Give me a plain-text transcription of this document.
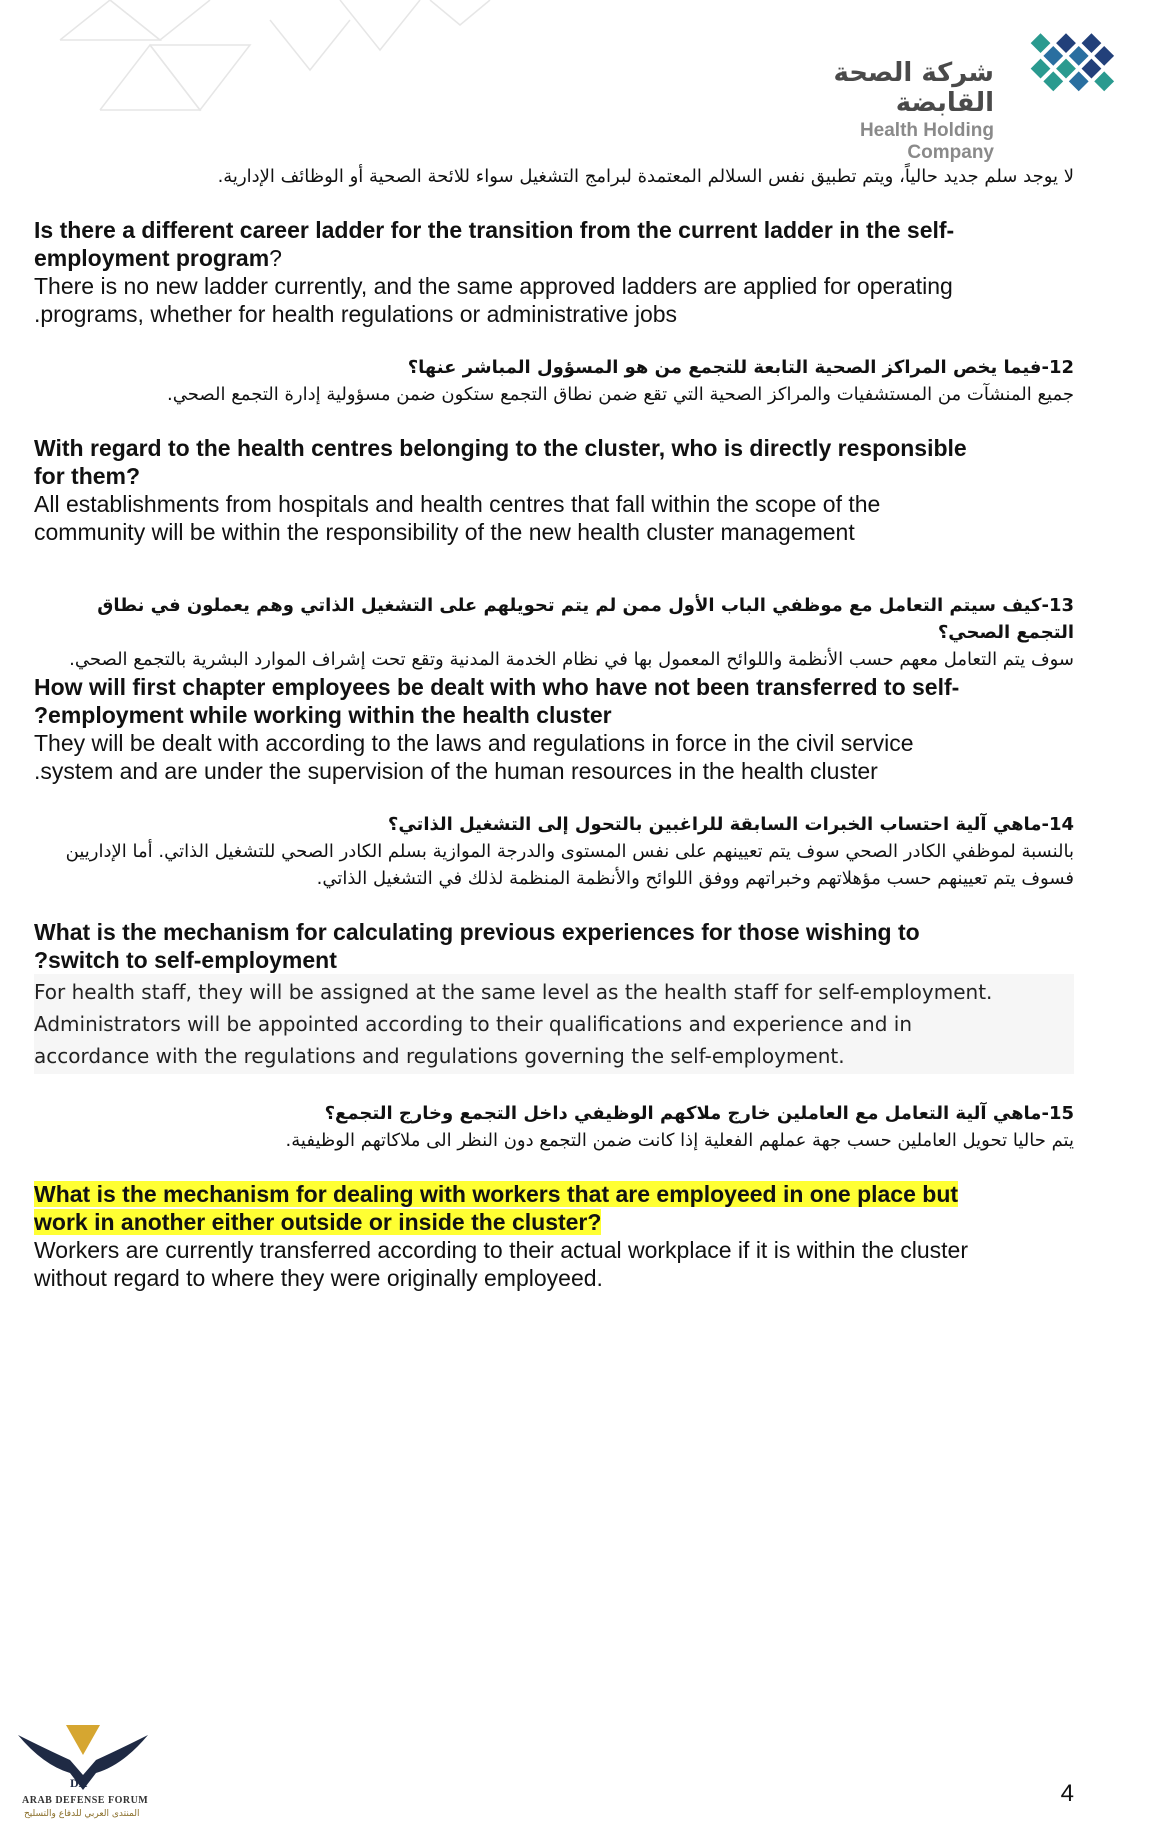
شركة الصحة القابضة
Health Holding Company

لا يوجد سلم جديد حالياً، ويتم تطبيق نفس السلالم المعتمدة لبرامج التشغيل سواء للائحة الصحية أو الوظائف الإدارية.

Is there a different career ladder for the transition from the current ladder in the self-

employment program?

There is no new ladder currently, and the same approved ladders are applied for operating

.programs, whether for health regulations or administrative jobs

12-فيما يخص المراكز الصحية التابعة للتجمع من هو المسؤول المباشر عنها؟

جميع المنشآت من المستشفيات والمراكز الصحية التي تقع ضمن نطاق التجمع ستكون ضمن مسؤولية إدارة التجمع الصحي.

With regard to the health centres belonging to the cluster, who is directly responsible

for them?

All establishments from hospitals and health centres that fall within the scope of the

community will be within the responsibility of the new health cluster management

13-كيف سيتم التعامل مع موظفي الباب الأول ممن لم يتم تحويلهم على التشغيل الذاتي وهم يعملون في نطاق التجمع الصحي؟

سوف يتم التعامل معهم حسب الأنظمة واللوائح المعمول بها في نظام الخدمة المدنية وتقع تحت إشراف الموارد البشرية بالتجمع الصحي.

How will first chapter employees be dealt with who have not been transferred to self-

?employment while working within the health cluster

They will be dealt with according to the laws and regulations in force in the civil service

.system and are under the supervision of the human resources in the health cluster

14-ماهي آلية احتساب الخبرات السابقة للراغبين بالتحول إلى التشغيل الذاتي؟

بالنسبة لموظفي الكادر الصحي سوف يتم تعيينهم على نفس المستوى والدرجة الموازية بسلم الكادر الصحي للتشغيل الذاتي. أما الإداريين فسوف يتم تعيينهم حسب مؤهلاتهم وخبراتهم ووفق اللوائح والأنظمة المنظمة لذلك في التشغيل الذاتي.

What is the mechanism for calculating previous experiences for those wishing to

?switch to self-employment

For health staff, they will be assigned at the same level as the health staff for self-employment.
Administrators will be appointed according to their qualifications and experience and in
accordance with the regulations and regulations governing the self-employment.

15-ماهي آلية التعامل مع العاملين خارج ملاكهم الوظيفي داخل التجمع وخارج التجمع؟

يتم حاليا تحويل العاملين حسب جهة عملهم الفعلية إذا كانت ضمن التجمع دون النظر الى ملاكاتهم الوظيفية.

What is the mechanism for dealing with workers that are employeed in one place but

work in another either outside or inside the cluster?

Workers are currently transferred according to their actual workplace if it is within the cluster

without regard to where they were originally employeed.

DA
ARAB DEFENSE FORUM
المنتدى العربي للدفاع والتسليح
4
